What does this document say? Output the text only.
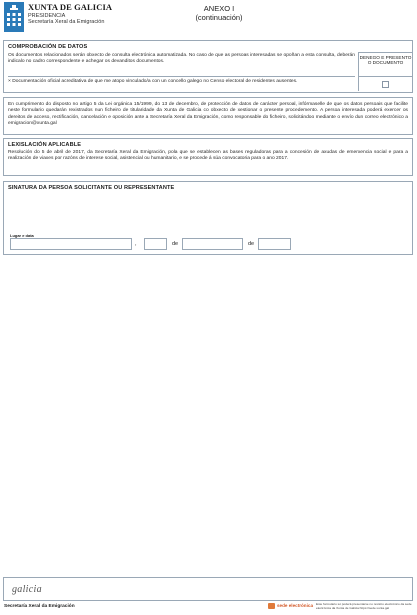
XUNTA DE GALICIA
PRESIDENCIA
Secretaría Xeral da Emigración
ANEXO I
(continuación)
COMPROBACIÓN DE DATOS
Os documentos relacionados serán obxecto de consulta electrónica automatizada. No caso de que as persoas interesadas se opoñan a esta consulta, deberán indicalo no cadro correspondente e achegar os devanditos documentos.
DENEGO E PRESENTO O DOCUMENTO
× Documentación oficial acreditativa de que me atopo vinculado/a con un concello galego no Censo electoral de residentes ausentes.
En cumprimento do disposto no artigo 5 da Lei orgánica 15/1999, do 13 de decembro, de protección de datos de carácter persoal, infórmaselle de que os datos persoais que facilite neste formulario quedarán rexistrados nun ficheiro de titularidade da Xunta de Galicia co obxecto de xestionar o presente procedemento. A persoa interesada poderá exercer os dereitos de acceso, rectificación, cancelación e oposición ante a Secretaría Xeral da Emigración, como responsable do ficheiro, solicitándoo mediante o envío dun correo electrónico a emigracion@xunta.gal
LEXISLACIÓN APLICABLE
Resolución do 5 de abril de 2017, da Secretaría Xeral da Emigración, pola que se establecen as bases reguladoras para a concesión de axudas de emerxencia social e para a realización de viaxes por razóns de interese social, asistencial ou humanitario, e se procede á súa convocatoria para o ano 2017.
SINATURA DA PERSOA SOLICITANTE OU REPRESENTANTE
Lugar e data
,	de	de
galicia
Secretaría Xeral da Emigración	sede electrónica Este formulario só poderá presentarse no rexistro electrónico da sede electrónica da Xunta de Galicia https://sede.xunta.gal
